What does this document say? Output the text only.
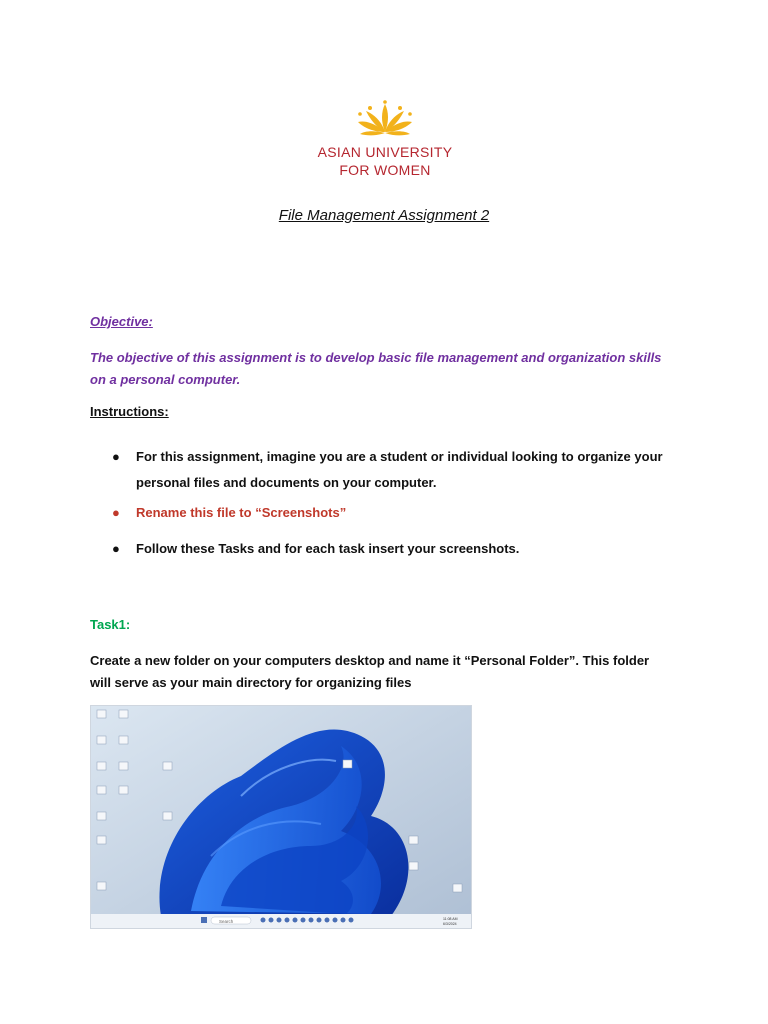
ASIAN UNIVERSITY
FOR WOMEN
File Management Assignment 2
Objective:
The objective of this assignment is to develop basic file management and organization skills on a personal computer.
Instructions:
● For this assignment, imagine you are a student or individual looking to organize your personal files and documents on your computer.
● Rename this file to “Screenshots”
● Follow these Tasks and for each task insert your screenshots.
Task1:
Create a new folder on your computers desktop and name it “Personal Folder”. This folder will serve as your main directory for organizing files
Search	11:08 AM
6/3/2024
